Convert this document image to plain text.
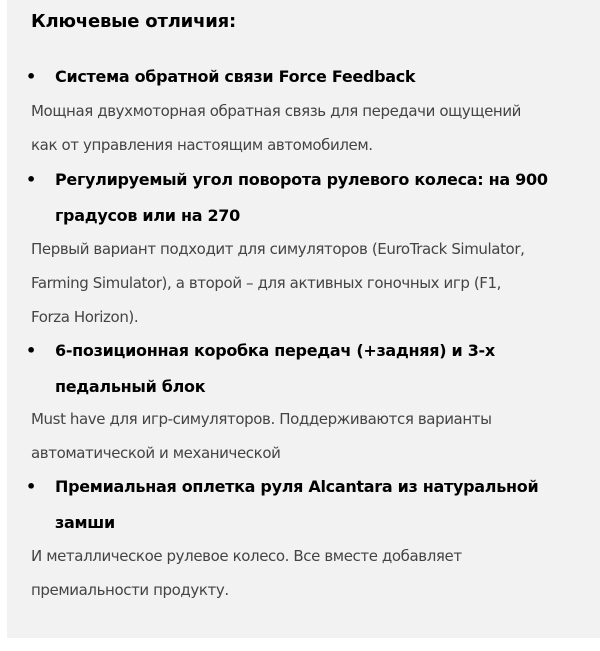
Ключевые отличия:
• Система обратной связи Force Feedback
Мощная двухмоторная обратная связь для передачи ощущений
как от управления настоящим автомобилем.
• Регулируемый угол поворота рулевого колеса: на 900
градусов или на 270
Первый вариант подходит для симуляторов (EuroTrack Simulator,
Farming Simulator), а второй – для активных гоночных игр (F1,
Forza Horizon).
• 6-позиционная коробка передач (+задняя) и 3-х
педальный блок
Must have для игр-симуляторов. Поддерживаются варианты
автоматической и механической
• Премиальная оплетка руля Alcantara из натуральной
замши
И металлическое рулевое колесо. Все вместе добавляет
премиальности продукту.
